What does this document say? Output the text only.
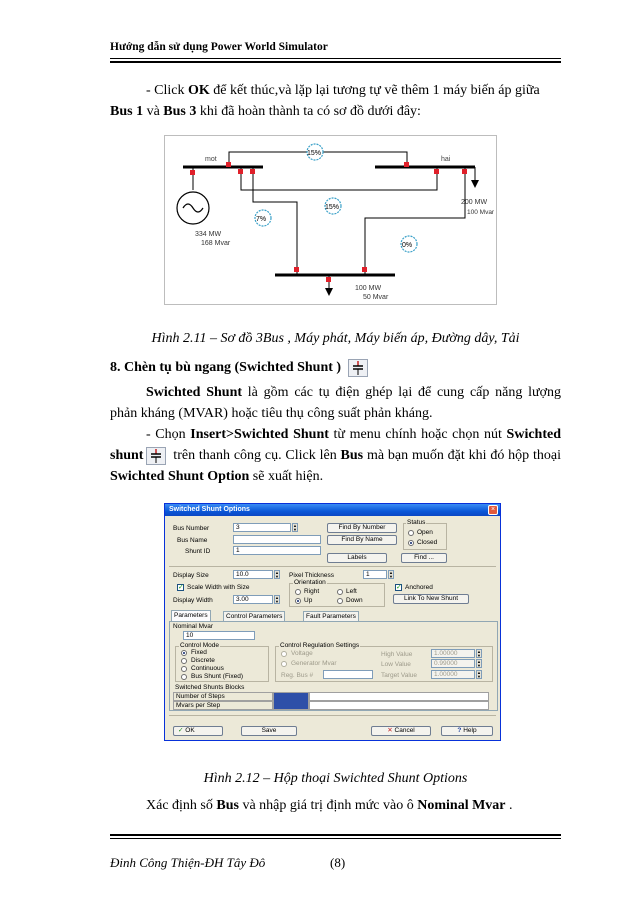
Hướng dẫn sử dụng Power World Simulator
- Click OK để kết thúc,và lặp lại tương tự vẽ thêm 1 máy biến áp giữa
Bus 1 và Bus 3 khi đã hoàn thành ta có sơ đồ dưới đây:
mot	hai
334 MW
168 Mvar
200 MW
100 Mvar
100 MW
50 Mvar
15%
15%
7%
0%
Hình 2.11 – Sơ đồ 3Bus , Máy phát, Máy biến áp, Đường dây, Tải
8. Chèn tụ bù ngang (Swichted Shunt )
Swichted Shunt là gồm các tụ điện ghép lại để cung cấp năng lượng phản kháng (MVAR) hoặc tiêu thụ công suất phản kháng.
- Chọn Insert>Swichted Shunt từ menu chính hoặc chọn nút Swichted shunt trên thanh công cụ. Click lên Bus mà bạn muốn đặt khi đó hộp thoại Swichted Shunt Option sẽ xuất hiện.
Switched Shunt Options	×
Bus Number	3	▲
▼
Bus Name
Shunt ID	1
Find By Number
Find By Name
Labels	Find ...
Status
Open
Closed
Display Size	10.0	▲
▼ Pixel Thickness	1	▲
▼
✓
Scale Width with Size
Display Width	3.00	▲
▼
Orientation
Right	Left
Up	Down
✓
Anchored
Link To New Shunt
Parameters	Control Parameters	Fault Parameters
Nominal Mvar
10
Control Mode
Fixed
Discrete
Continuous
Bus Shunt (Fixed)
Control Regulation Settings
Voltage
Generator Mvar
Reg. Bus #
High Value	1.00000	▲
▼
Low Value	0.99000	▲
▼
Target Value	1.00000	▲
▼
Switched Shunts Blocks
Number of Steps
Mvars per Step
✓ OK	Save	✕ Cancel	? Help
Hình 2.12 – Hộp thoại Swichted Shunt Options
Xác định số Bus và nhập giá trị định mức vào ô Nominal Mvar .
Đinh Công Thiện-ĐH Tây Đô	(8)
